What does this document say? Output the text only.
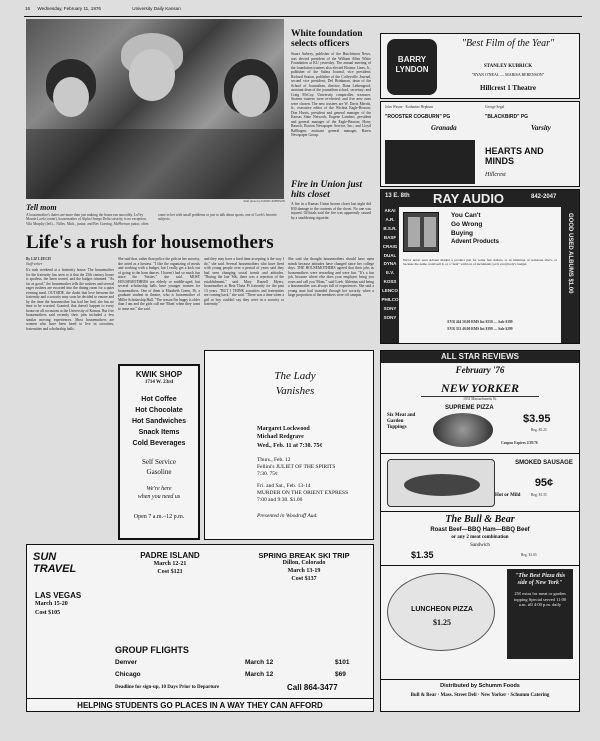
16 Wednesday, February 11, 1976	University Daily Kansan
Staff photo by DAVID JOHNSON
Tell mom
A housemother's duties are more than just making the house run smoothly. LaVey Montie Loeb (center), housemother of Alpha Omega Delta sorority, is no exception. Viki Murphy (left)... Nilles, Mich., junior, and Bev Goering, McPherson junior, often come to her with small problems or just to talk about sports, one of Loeb's favorite subjects.
White foundation selects officers
Stuart Awbrey, publisher of the Hutchinson News, was elected president of the William Allen White Foundation at KU yesterday. The annual meeting of the foundation trustees also elected Eleanor Lines, Jr., publisher of the Salina Journal, vice president; Richard Seaton, publisher of the Coffeyville Journal, second vice president; Del Brinkman, dean of the School of Journalism, director; Dana Leibengood, assistant dean of the journalism school, secretary; and Craig McCoy, University comptroller, treasurer. Sixteen trustees were re-elected, and five new ones were chosen. The new trustees are W. Davis Merritt, Jr., executive editor of the Wichita Eagle-Beacon; Don Harris, president and general manager of the Kansas State Network; Eugene Lambert, president and general manager of the Eagle-Beacon; Harry Bausch, Boston Newspaper Service, Inc.; and Lloyd Ballhagen, assistant general manager, Harris Newspaper Group.
Fire in Union just hits closet
A fire in a Kansas Union broom closet last night did $30 damage to the contents of the closet. No one was injured. Officials said the fire was apparently caused by a smoldering cigarette.
BARRY LYNDON
"Best Film of the Year"
STANLEY KUBRICK
"RYAN O'NEAL — MARISA BERENSON"
Hillcrest 1 Theatre
John Wayne · Katharine Hepburn
"ROOSTER COGBURN" PG
Granada
George Segal
"BLACKBIRD" PG
Varsity
HEARTS AND MINDS
Hillcrest
13 E. 8th RAY AUDIO	842-2047
AKAI
A.R.
B.S.R.
BASF
CRAIG
DUAL
DYNA
E.V.
KOSS
LENCO
PHILCO
SONY
SONY
You Can't
Go Wrong
Buying
Advent Products	GOOD USED ALBUMS $1.00
We've never seen Advent market a product just for some fast dollars, or in imitation of someone else's, or because the name could sell it, or a "deal" with lots of incidentals yet it everybody's budget.
EVR 444 50.00 RMS list $550 — Sale $399
EVR 333 40.00 RMS list $399 — Sale $299
Life's a rush for housemothers
By LIZ LEECH
Staff writer
It's rush weekend at a fraternity house. The housemother for the fraternity has seen to it that the 25th century house is spotless, the linen ironed, and the badges trimmed. "As far as good," the housemother tells the rushees and several eager rushees are escorted into the dining room for a quiet evening meal. OUTSIDE, the doubt that love between the fraternity and a sorority may soon be decided to ensure and by the time the housemother has had her bed, she has no time to be worried. Granted, that doesn't happen to every house on all occasions at the University of Kansas. But five housemothers said recently their jobs included a few similar moving experiences. Most housemothers are women who have been hired to live in sororities, fraternities and scholarship halls.
She said that, rather than police the girls in her sorority, she acted as a hostess. "I like the organizing of meals and working with a budget, but I really get a kick out of going to the barn dances. I haven't had so much fun since the 'Sixties," she said. MOST HOUSEMOTHERS are elderly or middle-aged, but several scholarship halls have younger women for housemothers. One of them is Elizabeth Green, 36, a graduate student in theatre, who is housemother of Miller Scholarship Hall. "The reason I'm happy is older than I am and the girls call me 'Mom' when they want to tease me," she said.
and they may have a hard time accepting it the way I do," she said. Several housemothers who have lived with young people over a period of years said they had seen changing social trends and attitudes. "During the late '60s, there was a rejection of the establishment," said Mary Russell Myers, housemother at Beta Theta Pi fraternity for the past 13 years. "BUT I THINK sororities and fraternities are coming back," she said. "There was a time when a girl or boy couldn't say they were in a sorority or fraternity."
She said she thought housemothers should have open minds because attitudes have changed since her college days. THE HOUSEMOTHERS agreed that their jobs as housemothers were rewarding and were fun. "It's a fun job, because where else does your employer bring you roses and call you 'Mom,'" said Loeb. Ahlenius said being a housemother was always full of experiences. She said a young man had stranded through her sorority when a large proportion of the members were off campus.
KWIK SHOP
1714 W. 23rd
Hot Coffee
Hot Chocolate
Hot Sandwiches
Snack Items
Cold Beverages
Self Service
Gasoline
We're here
when you need us
Open 7 a.m.–12 p.m.
The Lady Vanishes
Margaret Lockwood
Michael Redgrave
Wed., Feb. 11 at 7:30. 75¢
Thurs., Feb. 12
Fellini's JULIET OF THE SPIRITS
7:30. 75¢
Fri. and Sat., Feb. 13-14
MURDER ON THE ORIENT EXPRESS
7:00 and 9:30. $1.00
Presented in Woodruff Aud.
ALL STAR REVIEWS
February '76
NEW YORKER
1031 Massachusetts St.
SUPREME PIZZA
Six Meat and Garden Toppings
$3.95
Reg. $5.25
Coupon Expires 2/29/76
SMOKED SAUSAGE
95¢
Hot or Mild	Reg. $1.35
The Bull & Bear
Roast Beef—BBQ Ham—BBQ Beef
or any 2 meat combination
Sandwich
$1.35	Reg. $1.65
LUNCHEON PIZZA
$1.25
"The Best Pizza this side of New York"
25¢ extra for meat or garden topping Special served 11:00 a.m. till 4:00 p.m. daily
Distributed by Schumm Foods
Bull & Bear · Mass. Street Deli · New Yorker · Schumm Catering
SUN TRAVEL
LAS VEGAS
March 15-20
Cost $105
PADRE ISLAND
March 12-21
Cost $121
SPRING BREAK SKI TRIP
Dillon, Colorado
March 13-19
Cost $137
GROUP FLIGHTS
Denver	March 12	$101
Chicago	March 12	$69
Deadline for sign-up, 10 Days Prior to Departure	Call 864-3477
HELPING STUDENTS GO PLACES IN A WAY THEY CAN AFFORD
